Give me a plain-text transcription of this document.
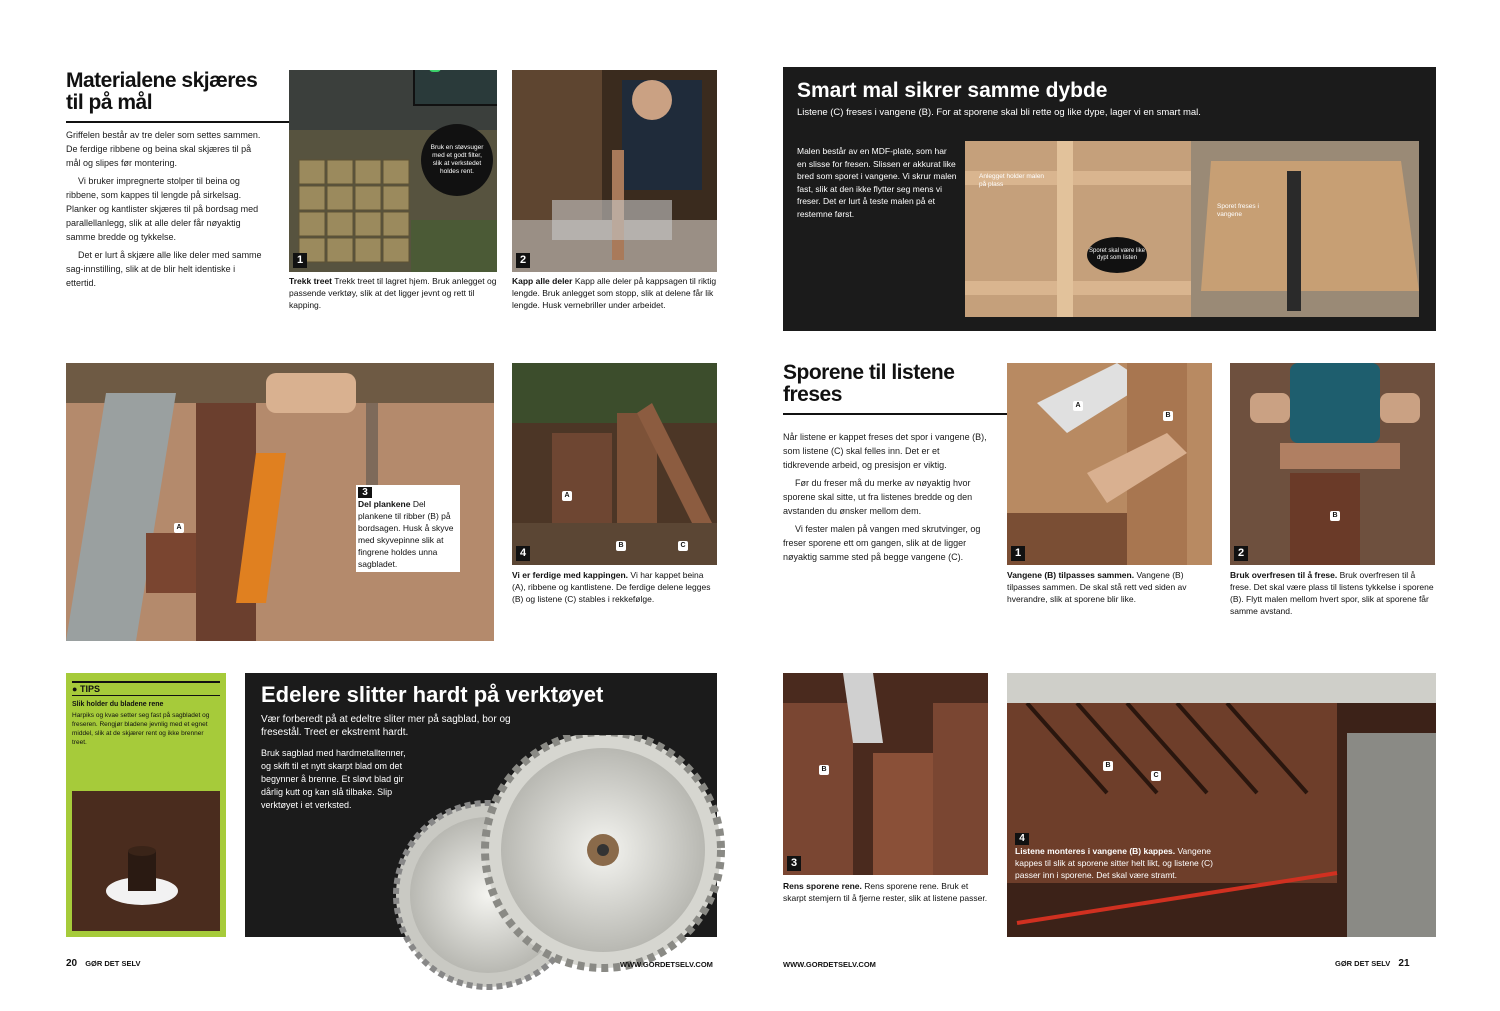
Materialene skjæres til på mål

Griffelen består av tre deler som settes sammen. De ferdige ribbene og beina skal skjæres til på mål og slipes før montering.

Vi bruker impregnerte stolper til beina og ribbene, som kappes til lengde på sirkelsag. Planker og kantlister skjæres til på bordsag med parallellanlegg, slik at alle deler får nøyaktig samme bredde og tykkelse.

Det er lurt å skjære alle like deler med samme sag-innstilling, slik at de blir helt identiske i ettertid.

Bruk en støvsuger med et godt filter, slik at verkstedet holdes rent.
1
Trekk treet Trekk treet til lagret hjem. Bruk anlegget og passende verktøy, slik at det ligger jevnt og rett til kapping.
2
Kapp alle deler Kapp alle deler på kappsagen til riktig lengde. Bruk anlegget som stopp, slik at delene får lik lengde. Husk vernebriller under arbeidet.
3
Del plankene Del plankene til ribber (B) på bordsagen. Husk å skyve med skyvepinne slik at fingrene holdes unna sagbladet.
A
A
B	C
4
Vi er ferdige med kappingen. Vi har kappet beina (A), ribbene og kantlistene. De ferdige delene legges (B) og listene (C) stables i rekkefølge.
● TIPS
Slik holder du bladene rene
Harpiks og kvae setter seg fast på sagbladet og freseren. Rengjør bladene jevnlig med et egnet middel, slik at de skjærer rent og ikke brenner treet.
Edelere slitter hardt på verktøyet
Vær forberedt på at edeltre sliter mer på sagblad, bor og fresestål. Treet er ekstremt hardt.
Bruk sagblad med hardmetalltenner, og skift til et nytt skarpt blad om det begynner å brenne. Et sløvt blad gir dårlig kutt og kan slå tilbake. Slip verktøyet i et verksted.
20 GØR DET SELV	WWW.GORDETSELV.COM
Smart mal sikrer samme dybde
Listene (C) freses i vangene (B). For at sporene skal bli rette og like dype, lager vi en smart mal.
Malen består av en MDF-plate, som har en slisse for fresen. Slissen er akkurat like bred som sporet i vangene. Vi skrur malen fast, slik at den ikke flytter seg mens vi freser. Det er lurt å teste malen på et restemne først.
Anlegget holder malen på plass
Sporet skal være like dypt som listen
Sporet freses i vangene
Sporene til listene freses

Når listene er kappet freses det spor i vangene (B), som listene (C) skal felles inn. Det er et tidkrevende arbeid, og presisjon er viktig.

Før du freser må du merke av nøyaktig hvor sporene skal sitte, ut fra listenes bredde og den avstanden du ønsker mellom dem.

Vi fester malen på vangen med skrutvinger, og freser sporene ett om gangen, slik at de ligger nøyaktig samme sted på begge vangene (C).

A
B
1
Vangene (B) tilpasses sammen. Vangene (B) tilpasses sammen. De skal stå rett ved siden av hverandre, slik at sporene blir like.
B
2
Bruk overfresen til å frese. Bruk overfresen til å frese. Det skal være plass til listens tykkelse i sporene (B). Flytt malen mellom hvert spor, slik at sporene får samme avstand.
B
3
Rens sporene rene. Rens sporene rene. Bruk et skarpt stemjern til å fjerne rester, slik at listene passer.
B
C
4
Listene monteres i vangene (B) kappes. Vangene kappes til slik at sporene sitter helt likt, og listene (C) passer inn i sporene. Det skal være stramt.
WWW.GORDETSELV.COM	GØR DET SELV 21
